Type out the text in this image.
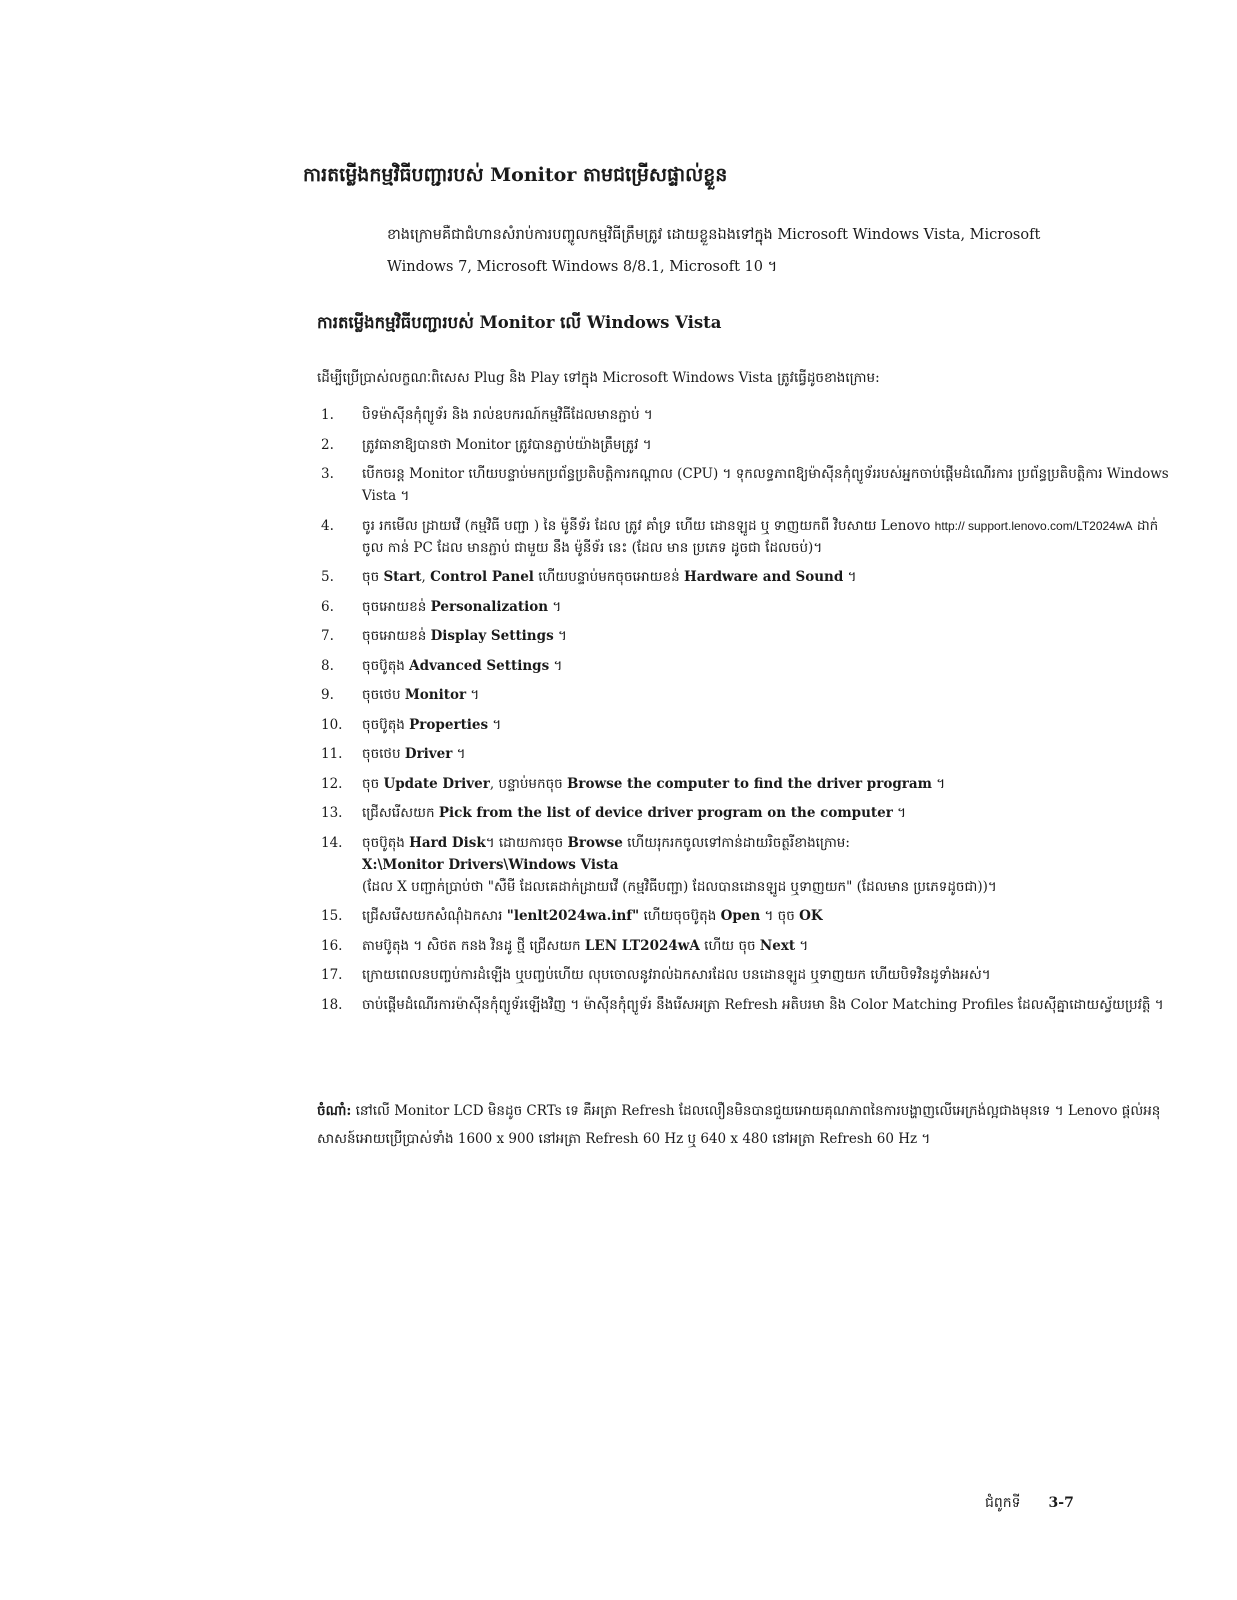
ការតម្លើងកម្មវិធីបញ្ជារបស់ Monitor តាមជម្រើសផ្ទាល់ខ្លួន

ខាងក្រោមគឺជាជំហានសំរាប់ការបញ្ចូលកម្មវិធីត្រឹមត្រូវ ដោយខ្លួនឯងទៅក្នុង Microsoft Windows Vista, Microsoft
Windows 7, Microsoft Windows 8/8.1, Microsoft 10 ។

ការតម្លើងកម្មវិធីបញ្ជារបស់ Monitor លើ Windows Vista

ដើម្បីប្រើប្រាស់លក្ខណៈពិសេស Plug និង Play ទៅក្នុង Microsoft Windows Vista ត្រូវធ្វើដូចខាងក្រោម:

1.	បិទម៉ាស៊ីនកុំព្យូទ័រ និង រាល់ឧបករណ៍កម្មវិធីដែលមានភ្ជាប់ ។
2.	ត្រូវធានាឱ្យបានថា Monitor ត្រូវបានភ្ជាប់យ៉ាងត្រឹមត្រូវ ។
3.	បើកចរន្ត Monitor ហើយបន្ទាប់មកប្រព័ន្ធប្រតិបត្តិការកណ្តាល (CPU) ។ ទុកលទ្ធភាពឱ្យម៉ាស៊ីនកុំព្យូទ័ររបស់អ្នកចាប់ផ្តើមដំណើរការ ប្រព័ន្ធប្រតិបត្តិការ Windows Vista ។
4.	ចូរ រកមើល ដ្រាយវើ (កម្មវិធី បញ្ជា ) នៃ ម៉ូនីទ័រ ដែល ត្រូវ គាំទ្រ ហើយ ដោនឡូដ ឬ ទាញយកពី វិបសាយ Lenovo http:// support.lenovo.com/LT2024wA ដាក់ ចូល កាន់ PC ដែល មានភ្ជាប់ ជាមួយ នឹង ម៉ូនីទ័រ នេះ (ដែល មាន ប្រភេទ ដូចជា ដែលចប់)។
5.	ចុច Start, Control Panel ហើយបន្ទាប់មកចុចអោយខន់ Hardware and Sound ។
6.	ចុចអោយខន់ Personalization ។
7.	ចុចអោយខន់ Display Settings ។
8.	ចុចប៊ូតុង Advanced Settings ។
9.	ចុចថេប Monitor ។
10.	ចុចប៊ូតុង Properties ។
11.	ចុចថេប Driver ។
12.	ចុច Update Driver, បន្ទាប់មកចុច Browse the computer to find the driver program ។
13.	ជ្រើសរើសយក Pick from the list of device driver program on the computer ។
14.	ចុចប៊ូតុង Hard Disk។ ដោយការចុច Browse ហើយរុករកចូលទៅកាន់ដាយរិចត្ថរីខាងក្រោម:
X:\Monitor Drivers\Windows Vista
(ដែល X បញ្ជាក់ប្រាប់ថា "សឺមី ដែលគេដាក់ដ្រាយវើ (កម្មវិធីបញ្ជា) ដែលបានដោនឡូដ ឬទាញយក" (ដែលមាន ប្រភេទដូចជា))។
15.	ជ្រើសរើសយកសំណុំឯកសារ "lenlt2024wa.inf" ហើយចុចប៊ូតុង Open ។ ចុច OK
16.	តាមប៊ូតុង ។ សិថត កនង វិនដូ ថ្មី ជ្រើសយក LEN LT2024wA ហើយ ចុច Next ។
17.	ក្រោយពេលនបញ្ចប់ការដំឡើង ឬបញ្ចប់ហើយ លុបចោលនូវរាល់ឯកសារដែល បនដោនឡូដ ឬទាញយក ហើយបិទវិនដូទាំងអស់។
18.	ចាប់ផ្តើមដំណើរការម៉ាស៊ីនកុំព្យូទ័រឡើងវិញ ។ ម៉ាស៊ីនកុំព្យូទ័រ នឹងរើសអត្រា Refresh អតិបរមា និង Color Matching Profiles ដែលស៊ីគ្នាដោយស្វ័យប្រវត្តិ ។

ចំណាំ: នៅលើ Monitor LCD មិនដូច CRTs ទេ គឺអត្រា Refresh ដែលលឿនមិនបានជួយអោយគុណភាពនៃការបង្ហាញលើអេក្រង់ល្អជាងមុនទេ ។ Lenovo ផ្តល់អនុសាសន៍អោយប្រើប្រាស់ទាំង 1600 x 900 នៅអត្រា Refresh 60 Hz ឬ 640 x 480 នៅអត្រា Refresh 60 Hz ។

ជំពូកទី 3-7
